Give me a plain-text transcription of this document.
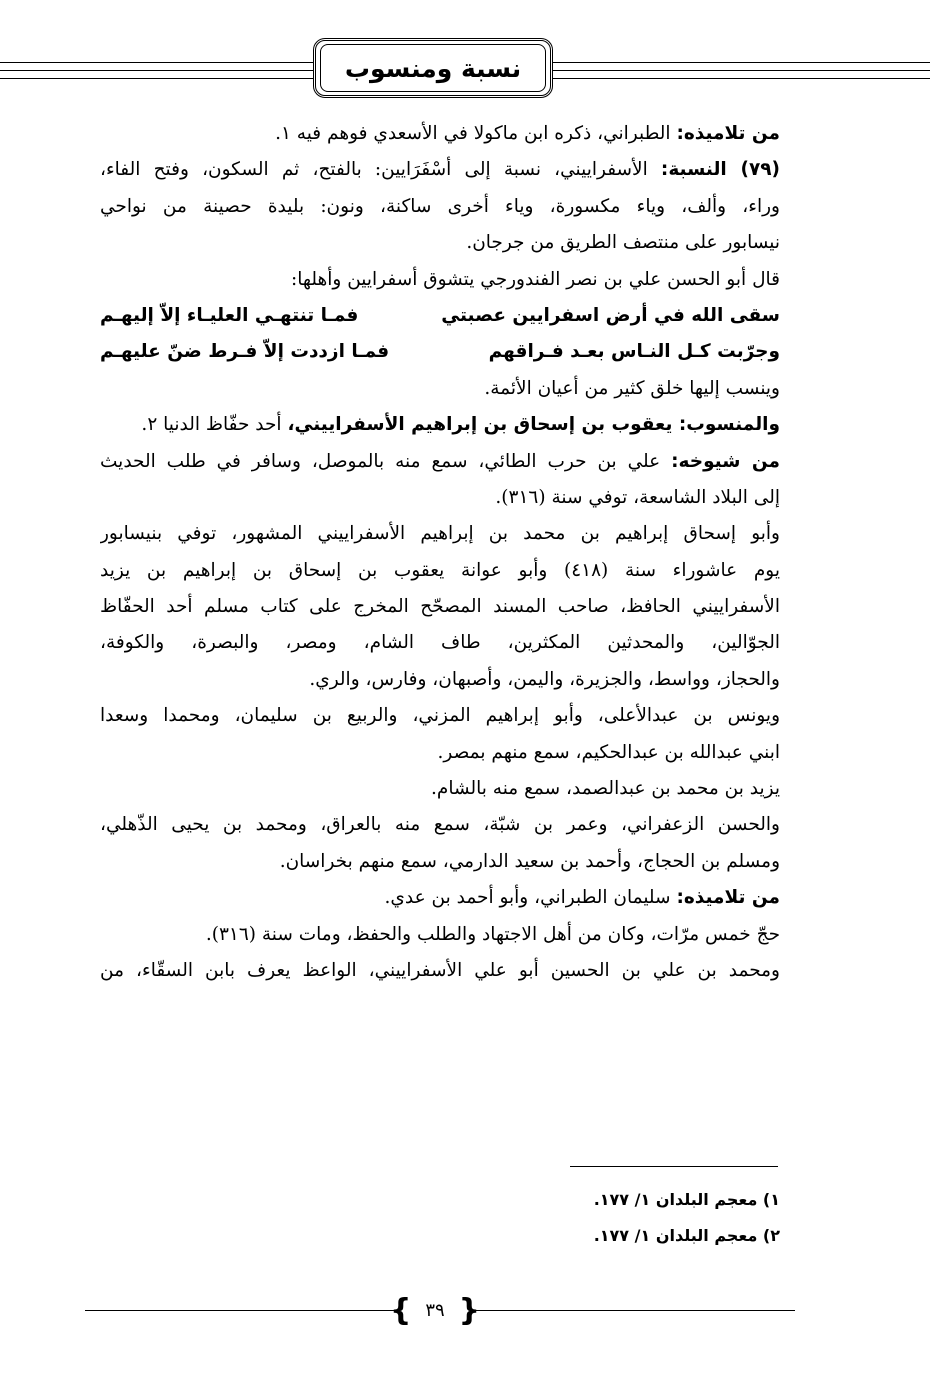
نسبة ومنسوب
من تلاميذه: الطبراني، ذكره ابن ماكولا في الأسعدي فوهم فيه ١.
(٧٩) النسبة: الأسفراييني، نسبة إلى أسْفَرَايين: بالفتح، ثم السكون، وفتح الفاء،
وراء، وألف، وياء مكسورة، وياء أخرى ساكنة، ونون: بليدة حصينة من نواحي
نيسابور على منتصف الطريق من جرجان.
قال أبو الحسن علي بن نصر الفندورجي يتشوق أسفرايين وأهلها:
سقى الله في أرض اسفرايين عصبتي
فمـا تنتهـي العليـاء إلاّ إليهـم
وجرّبت كـل النـاس بعـد فـراقهم
فمـا ازددت إلاّ فـرط ضنّ عليهـم
وينسب إليها خلق كثير من أعيان الأئمة.
والمنسوب: يعقوب بن إسحاق بن إبراهيم الأسفراييني، أحد حفّاظ الدنيا ٢.
من شيوخه: علي بن حرب الطائي، سمع منه بالموصل، وسافر في طلب الحديث
إلى البلاد الشاسعة، توفي سنة (٣١٦).
وأبو إسحاق إبراهيم بن محمد بن إبراهيم الأسفراييني المشهور، توفي بنيسابور
يوم عاشوراء سنة (٤١٨) وأبو عوانة يعقوب بن إسحاق بن إبراهيم بن يزيد
الأسفراييني الحافظ، صاحب المسند المصحّح المخرج على كتاب مسلم أحد الحفّاظ
الجوّالين، والمحدثين المكثرين، طاف الشام، ومصر، والبصرة، والكوفة،
والحجاز، وواسط، والجزيرة، واليمن، وأصبهان، وفارس، والري.
ويونس بن عبدالأعلى، وأبو إبراهيم المزني، والربيع بن سليمان، ومحمدا وسعدا
ابني عبدالله بن عبدالحكيم، سمع منهم بمصر.
يزيد بن محمد بن عبدالصمد، سمع منه بالشام.
والحسن الزعفراني، وعمر بن شبّة، سمع منه بالعراق، ومحمد بن يحيى الذّهلي،
ومسلم بن الحجاج، وأحمد بن سعيد الدارمي، سمع منهم بخراسان.
من تلاميذه: سليمان الطبراني، وأبو أحمد بن عدي.
حجّ خمس مرّات، وكان من أهل الاجتهاد والطلب والحفظ، ومات سنة (٣١٦).
ومحمد بن علي بن الحسين أبو علي الأسفراييني، الواعظ يعرف بابن السقّاء، من
١) معجم البلدان ١/ ١٧٧.
٢) معجم البلدان ١/ ١٧٧.
{ ٣٩ }
